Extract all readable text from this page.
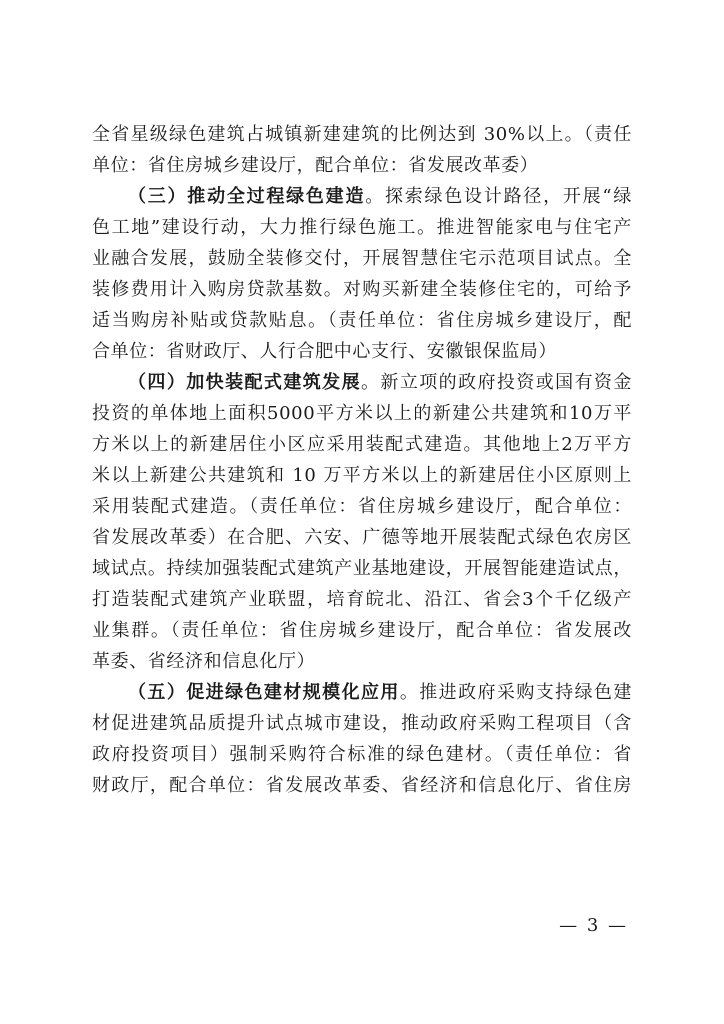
全省星级绿色建筑占城镇新建建筑的比例达到 30%以上。（责任
单位：省住房城乡建设厅，配合单位：省发展改革委）
（三）推动全过程绿色建造。探索绿色设计路径，开展“绿
色工地”建设行动，大力推行绿色施工。推进智能家电与住宅产
业融合发展，鼓励全装修交付，开展智慧住宅示范项目试点。全
装修费用计入购房贷款基数。对购买新建全装修住宅的，可给予
适当购房补贴或贷款贴息。（责任单位：省住房城乡建设厅，配
合单位：省财政厅、人行合肥中心支行、安徽银保监局）
（四）加快装配式建筑发展。新立项的政府投资或国有资金
投资的单体地上面积5000平方米以上的新建公共建筑和10万平
方米以上的新建居住小区应采用装配式建造。其他地上2万平方
米以上新建公共建筑和 10 万平方米以上的新建居住小区原则上
采用装配式建造。（责任单位：省住房城乡建设厅，配合单位：
省发展改革委）在合肥、六安、广德等地开展装配式绿色农房区
域试点。持续加强装配式建筑产业基地建设，开展智能建造试点，
打造装配式建筑产业联盟，培育皖北、沿江、省会3个千亿级产
业集群。（责任单位：省住房城乡建设厅，配合单位：省发展改
革委、省经济和信息化厅）
（五）促进绿色建材规模化应用。推进政府采购支持绿色建
材促进建筑品质提升试点城市建设，推动政府采购工程项目（含
政府投资项目）强制采购符合标准的绿色建材。（责任单位：省
财政厅，配合单位：省发展改革委、省经济和信息化厅、省住房
— 3 —
